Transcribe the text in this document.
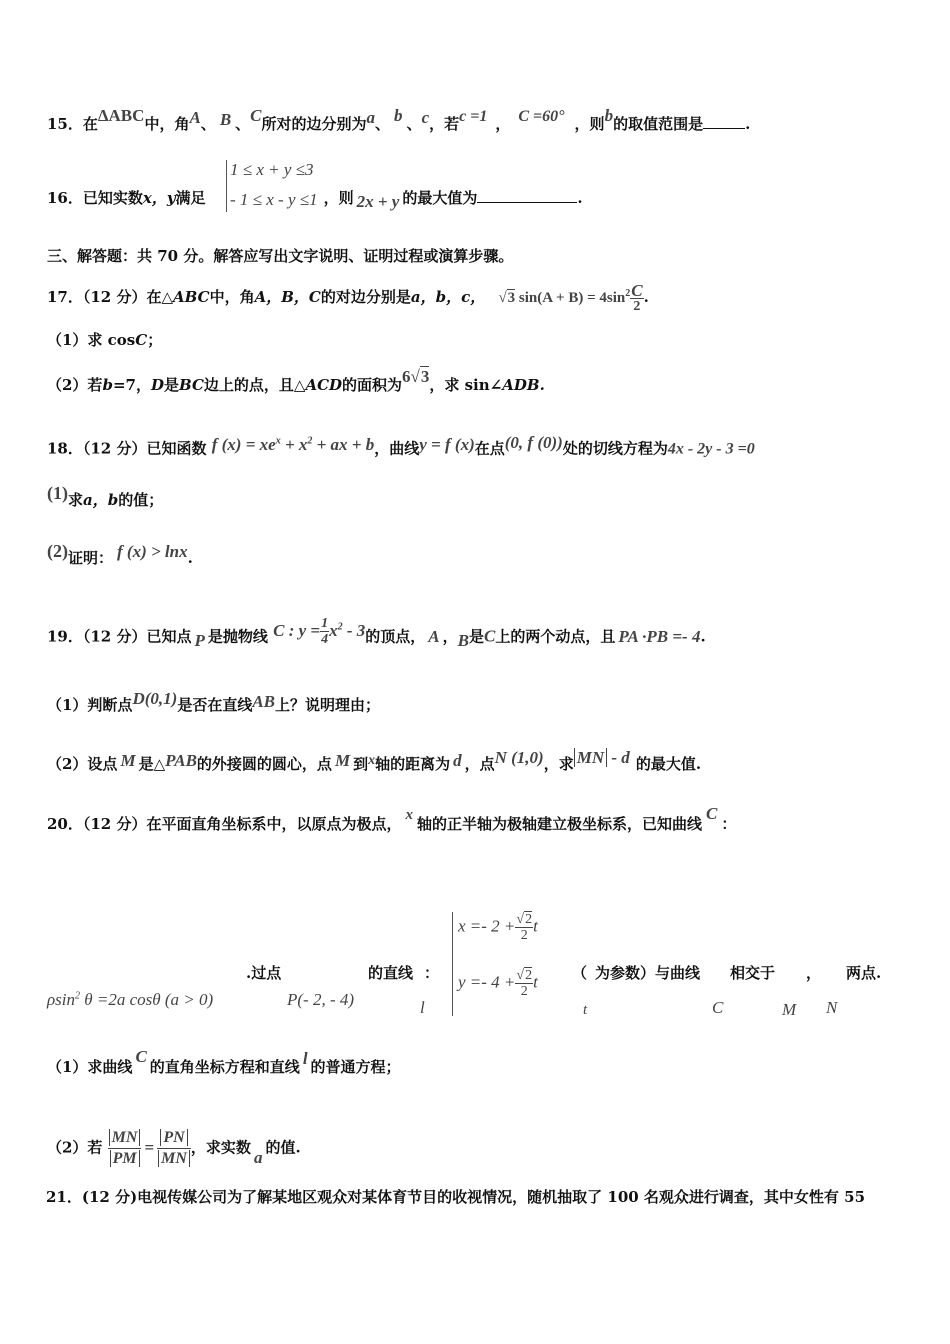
15．在ΔABC中，角A、 B 、C所对的边分别为a、 b 、c，若c =1 ， C =60° ，则b的取值范围是	.
1 ≤ x + y ≤3
- 1 ≤ x - y ≤1
16．已知实数x，y满足	，则 2x + y 的最大值为	.
三、解答题：共 70 分。解答应写出文字说明、证明过程或演算步骤。
17．（12 分）在△ABC中，角A，B，C的对边分别是a，b，c， √3 $\sin(A + B) = 4\sin^2 \frac{C}{2}$ .
（1）求 cosC；
（2）若b=7，D是BC边上的点，且△ACD的面积为6√3，求 sin∠ADB.
18．（12 分）已知函数 f $(x) = xe^x + x^2$ + ax + b，曲线y = f (x)在点(0, f (0))处的切线方程为4x - 2y - 3 =0
(1)求a，b的值；
(2)证明： f (x) > lnx.
19．（12 分）已知点 P 是抛物线 C : $y = \frac{1}{4} x^2 - 3$的顶点， A ，B是C上的两个动点，且 PA ·PB =- 4.
（1）判断点D(0,1)是否在直线AB上？说明理由；
（2）设点 M 是△PAB的外接圆的圆心，点 M 到x轴的距离为 d ，点N (1,0)，求 MN - d 的最大值.
20．（12 分）在平面直角坐标系中，以原点为极点， x 轴的正半轴为极轴建立极坐标系，已知曲线C：
.过点	的直线 ：
ρsin$^2$ θ =2a cosθ (a > 0)	P(- 2, - 4)	l
$x =- 2 + \frac{√2}{2}$ t
$y =- 4 + \frac{√2}{2}$ t （ 为参数）与曲线
t
相交于
C
，
M N
两点.
（1）求曲线C的直角坐标方程和直线 l 的普通方程；
（2）若 $\frac{MN}{PM} = \frac{PN}{MN}$ ，求实数 a 的值.
21．(12 分)电视传媒公司为了解某地区观众对某体育节目的收视情况，随机抽取了 100 名观众进行调查，其中女性有 55
